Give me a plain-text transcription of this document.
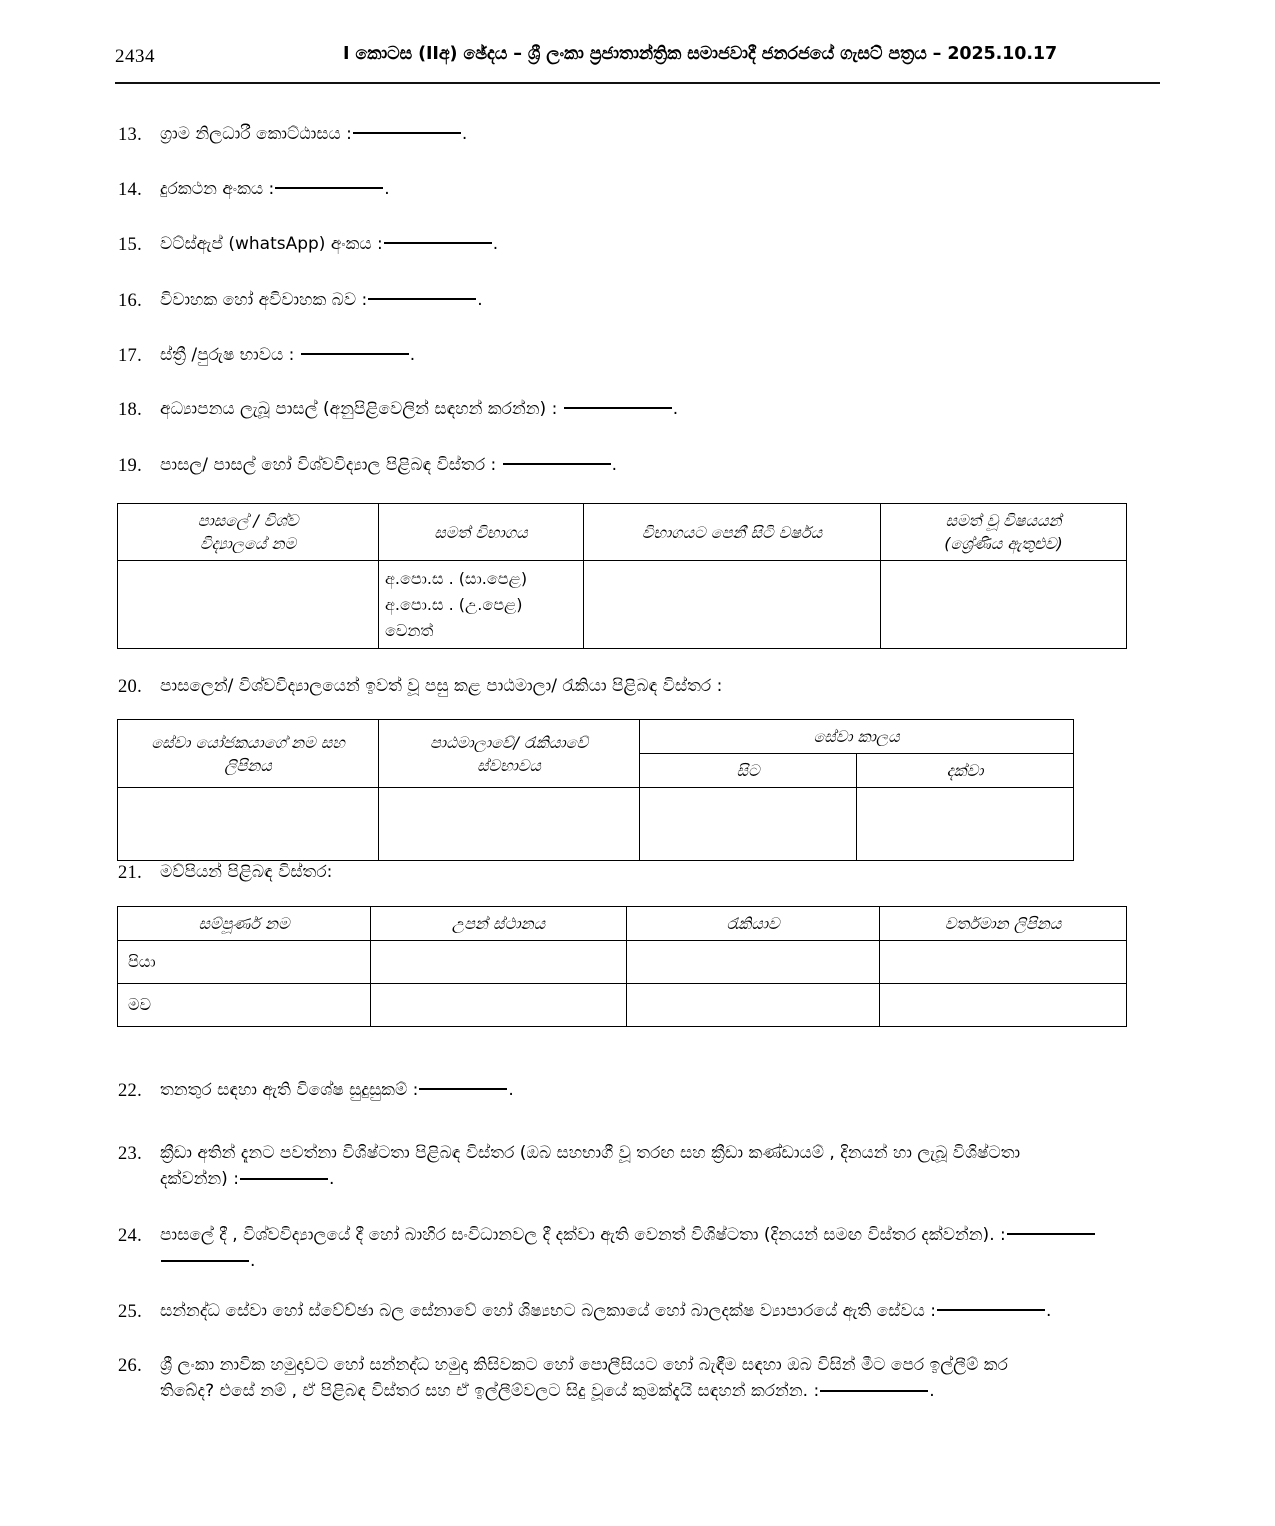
2434	I කොටස (IIඅ) ඡේදය – ශ්‍රී ලංකා ප්‍රජාතාන්ත්‍රික සමාජවාදී ජනරජයේ ගැසට් පත්‍රය – 2025.10.17
13.	ග්‍රාම නිලධාරී කොට්ඨාසය :	.
14.	දුරකථන අංකය :	.
15.	වට්ස්ඇප් (whatsApp) අංකය :	.
16.	විවාහක හෝ අවිවාහක බව :	.
17.	ස්ත්‍රී /පුරුෂ භාවය :	.
18.	අධ්‍යාපනය ලැබූ පාසල් (අනුපිළිවෙලින් සඳහන් කරන්න) :	.
19.	පාසල/ පාසල් හෝ විශ්වවිද්‍යාල පිළිබඳ විස්තර :	.
පාසලේ / විශ්ව
විද්‍යාලයේ නම	සමත් විභාගය	විභාගයට පෙනී සිටි වර්ෂය	සමත් වූ විෂයයන්
(ශ්‍රේණිය ඇතුළුව)
	අ.පො.ස . (සා.පෙළ)
අ.පො.ස . (උ.පෙළ)
වෙනත්		
20.	පාසලෙන්/ විශ්වවිද්‍යාලයෙන් ඉවත් වූ පසු කළ පාඨමාලා/ රැකියා පිළිබඳ විස්තර :
සේවා යෝජකයාගේ නම සහ
ලිපිනය	පාඨමාලාවේ/ රැකියාවේ
ස්වභාවය	සේවා කාලය	
		සිට	දක්වා

21.	මව්පියන් පිළිබඳ විස්තර:
සම්පූර්ණ නම	උපන් ස්ථානය	රැකියාව	වර්තමාන ලිපිනය
පියා			
මව			
22.	තනතුර සඳහා ඇති විශේෂ සුදුසුකම් :	.
23.	ක්‍රීඩා අතින් දැනට පවත්නා විශිෂ්ටතා පිළිබඳ විස්තර (ඔබ සහභාගී වූ තරඟ සහ ක්‍රීඩා කණ්ඩායම් , දිනයන් හා ලැබූ විශිෂ්ටතා
දක්වන්න) :	.
24.	පාසලේ දී , විශ්වවිද්‍යාලයේ දී හෝ බාහිර සංවිධානවල දී දක්වා ඇති වෙනත් විශිෂ්ටතා (දිනයන් සමඟ විස්තර දක්වන්න). :
.
25.	සන්නද්ධ සේවා හෝ ස්වේච්ඡා බල සේනාවේ හෝ ශිෂ්‍යභට බලකායේ හෝ බාලදක්ෂ ව්‍යාපාරයේ ඇති සේවය :	.
26.	ශ්‍රී ලංකා නාවික හමුදාවට හෝ සන්නද්ධ හමුදා කිසිවකට හෝ පොලීසියට හෝ බැඳීම සඳහා ඔබ විසින් මීට පෙර ඉල්ලීම් කර
තිබේද? එසේ නම් , ඒ පිළිබඳ විස්තර සහ ඒ ඉල්ලීම්වලට සිදු වූයේ කුමක්දැයි සඳහන් කරන්න. :	.
